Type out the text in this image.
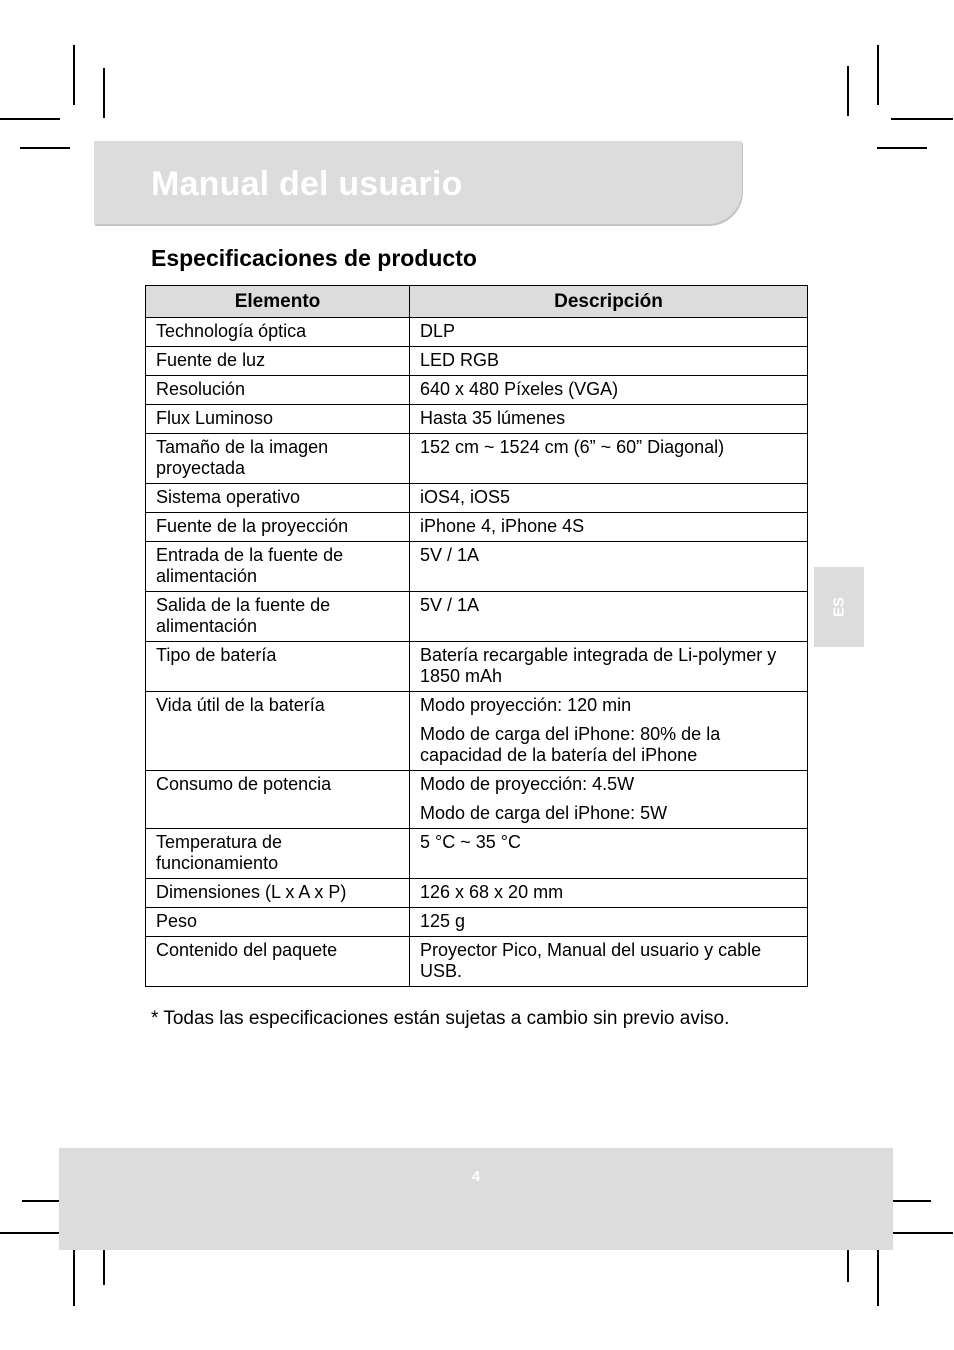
Manual del usuario
Especificaciones de producto
Elemento	Descripción
Technología óptica	DLP

Fuente de luz	LED RGB

Resolución	640 x 480 Píxeles (VGA)

Flux Luminoso	Hasta 35 lúmenes

Tamaño de la imagen proyectada	152 cm ~ 1524 cm (6” ~ 60” Diagonal)

Sistema operativo	iOS4, iOS5

Fuente de la proyección	iPhone 4, iPhone 4S

Entrada de la fuente de alimentación	5V / 1A

Salida de la fuente de alimentación	5V / 1A

Tipo de batería	Batería recargable integrada de Li-polymer y 1850 mAh

Vida útil de la batería	Modo proyección: 120 min
Modo de carga del iPhone: 80% de la capacidad de la batería del iPhone

Consumo de potencia	Modo de proyección: 4.5W
Modo de carga del iPhone: 5W

Temperatura de funcionamiento	5 °C ~ 35 °C

Dimensiones (L x A x P)	126 x 68 x 20 mm

Peso	125 g

Contenido del paquete	Proyector Pico, Manual del usuario y cable USB.
* Todas las especificaciones están sujetas a cambio sin previo aviso.
ES
4
